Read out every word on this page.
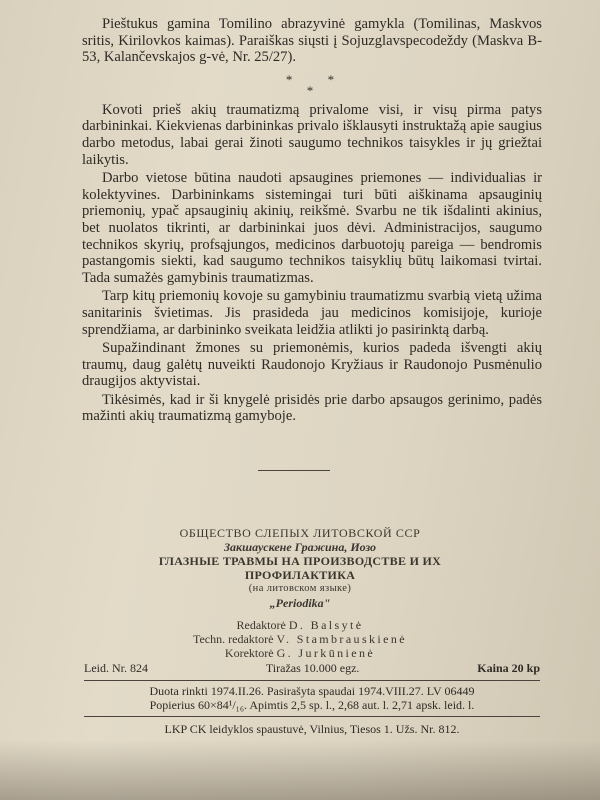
Pieštukus gamina Tomilino abrazyvinė gamykla (Tomilinas, Maskvos sritis, Kirilovkos kaimas). Paraiškas siųsti į Sojuzglavspecodeždy (Maskva B-53, Kalančevskajos g-vė, Nr. 25/27).

* *
*

Kovoti prieš akių traumatizmą privalome visi, ir visų pirma patys darbininkai. Kiekvienas darbininkas privalo išklausyti instruktažą apie saugius darbo metodus, labai gerai žinoti saugumo technikos taisykles ir jų griežtai laikytis.

Darbo vietose būtina naudoti apsaugines priemones — individualias ir kolektyvines. Darbininkams sistemingai turi būti aiškinama apsauginių priemonių, ypač apsauginių akinių, reikšmė. Svarbu ne tik išdalinti akinius, bet nuolatos tikrinti, ar darbininkai juos dėvi. Administracijos, saugumo technikos skyrių, profsąjungos, medicinos darbuotojų pareiga — bendromis pastangomis siekti, kad saugumo technikos taisyklių būtų laikomasi tvirtai. Tada sumažės gamybinis traumatizmas.

Tarp kitų priemonių kovoje su gamybiniu traumatizmu svarbią vietą užima sanitarinis švietimas. Jis prasideda jau medicinos komisijoje, kurioje sprendžiama, ar darbininko sveikata leidžia atlikti jo pasirinktą darbą.

Supažindinant žmones su priemonėmis, kurios padeda išvengti akių traumų, daug galėtų nuveikti Raudonojo Kryžiaus ir Raudonojo Pusmėnulio draugijos aktyvistai.

Tikėsimės, kad ir ši knygelė prisidės prie darbo apsaugos gerinimo, padės mažinti akių traumatizmą gamyboje.

ОБЩЕСТВО СЛЕПЫХ ЛИТОВСКОЙ ССР
Закшаускене Гражина, Иозо
ГЛАЗНЫЕ ТРАВМЫ НА ПРОИЗВОДСТВЕ И ИХ ПРОФИЛАКТИКА
(на литовском языке)
„Periodika"
Redaktorė D. Balsytė
Techn. redaktorė V. Stambrauskienė
Korektorė G. Jurkūnienė
Leid. Nr. 824	Tiražas 10.000 egz.	Kaina 20 kp
Duota rinkti 1974.II.26. Pasirašyta spaudai 1974.VIII.27. LV 06449
Popierius 60×84¹/₁₆. Apimtis 2,5 sp. l., 2,68 aut. l. 2,71 apsk. leid. l.
LKP CK leidyklos spaustuvė, Vilnius, Tiesos 1. Užs. Nr. 812.
